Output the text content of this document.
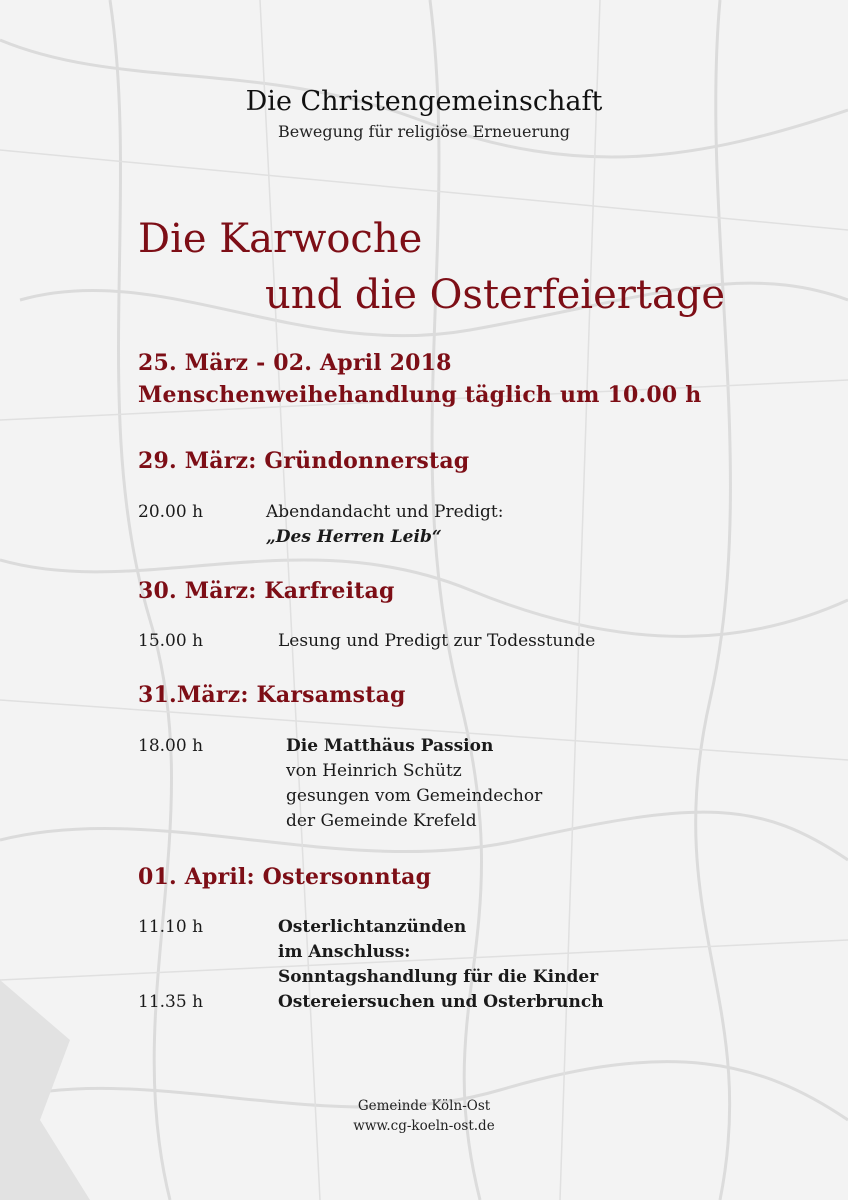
Die Christengemeinschaft
Bewegung für religiöse Erneuerung
Die Karwoche
und die Osterfeiertage
25. März - 02. April 2018
Menschenweihehandlung täglich um 10.00 h
29. März: Gründonnerstag
20.00 h	Abendandacht und Predigt:
„Des Herren Leib“
30. März: Karfreitag
15.00 h	Lesung und Predigt zur Todesstunde
31.März: Karsamstag
18.00 h	Die Matthäus Passion
von Heinrich Schütz
gesungen vom Gemeindechor
der Gemeinde Krefeld
01. April: Ostersonntag
11.10 h	Osterlichtanzünden
im Anschluss:
Sonntagshandlung für die Kinder
11.35 h	Ostereiersuchen und Osterbrunch
Gemeinde Köln-Ost
www.cg-koeln-ost.de
